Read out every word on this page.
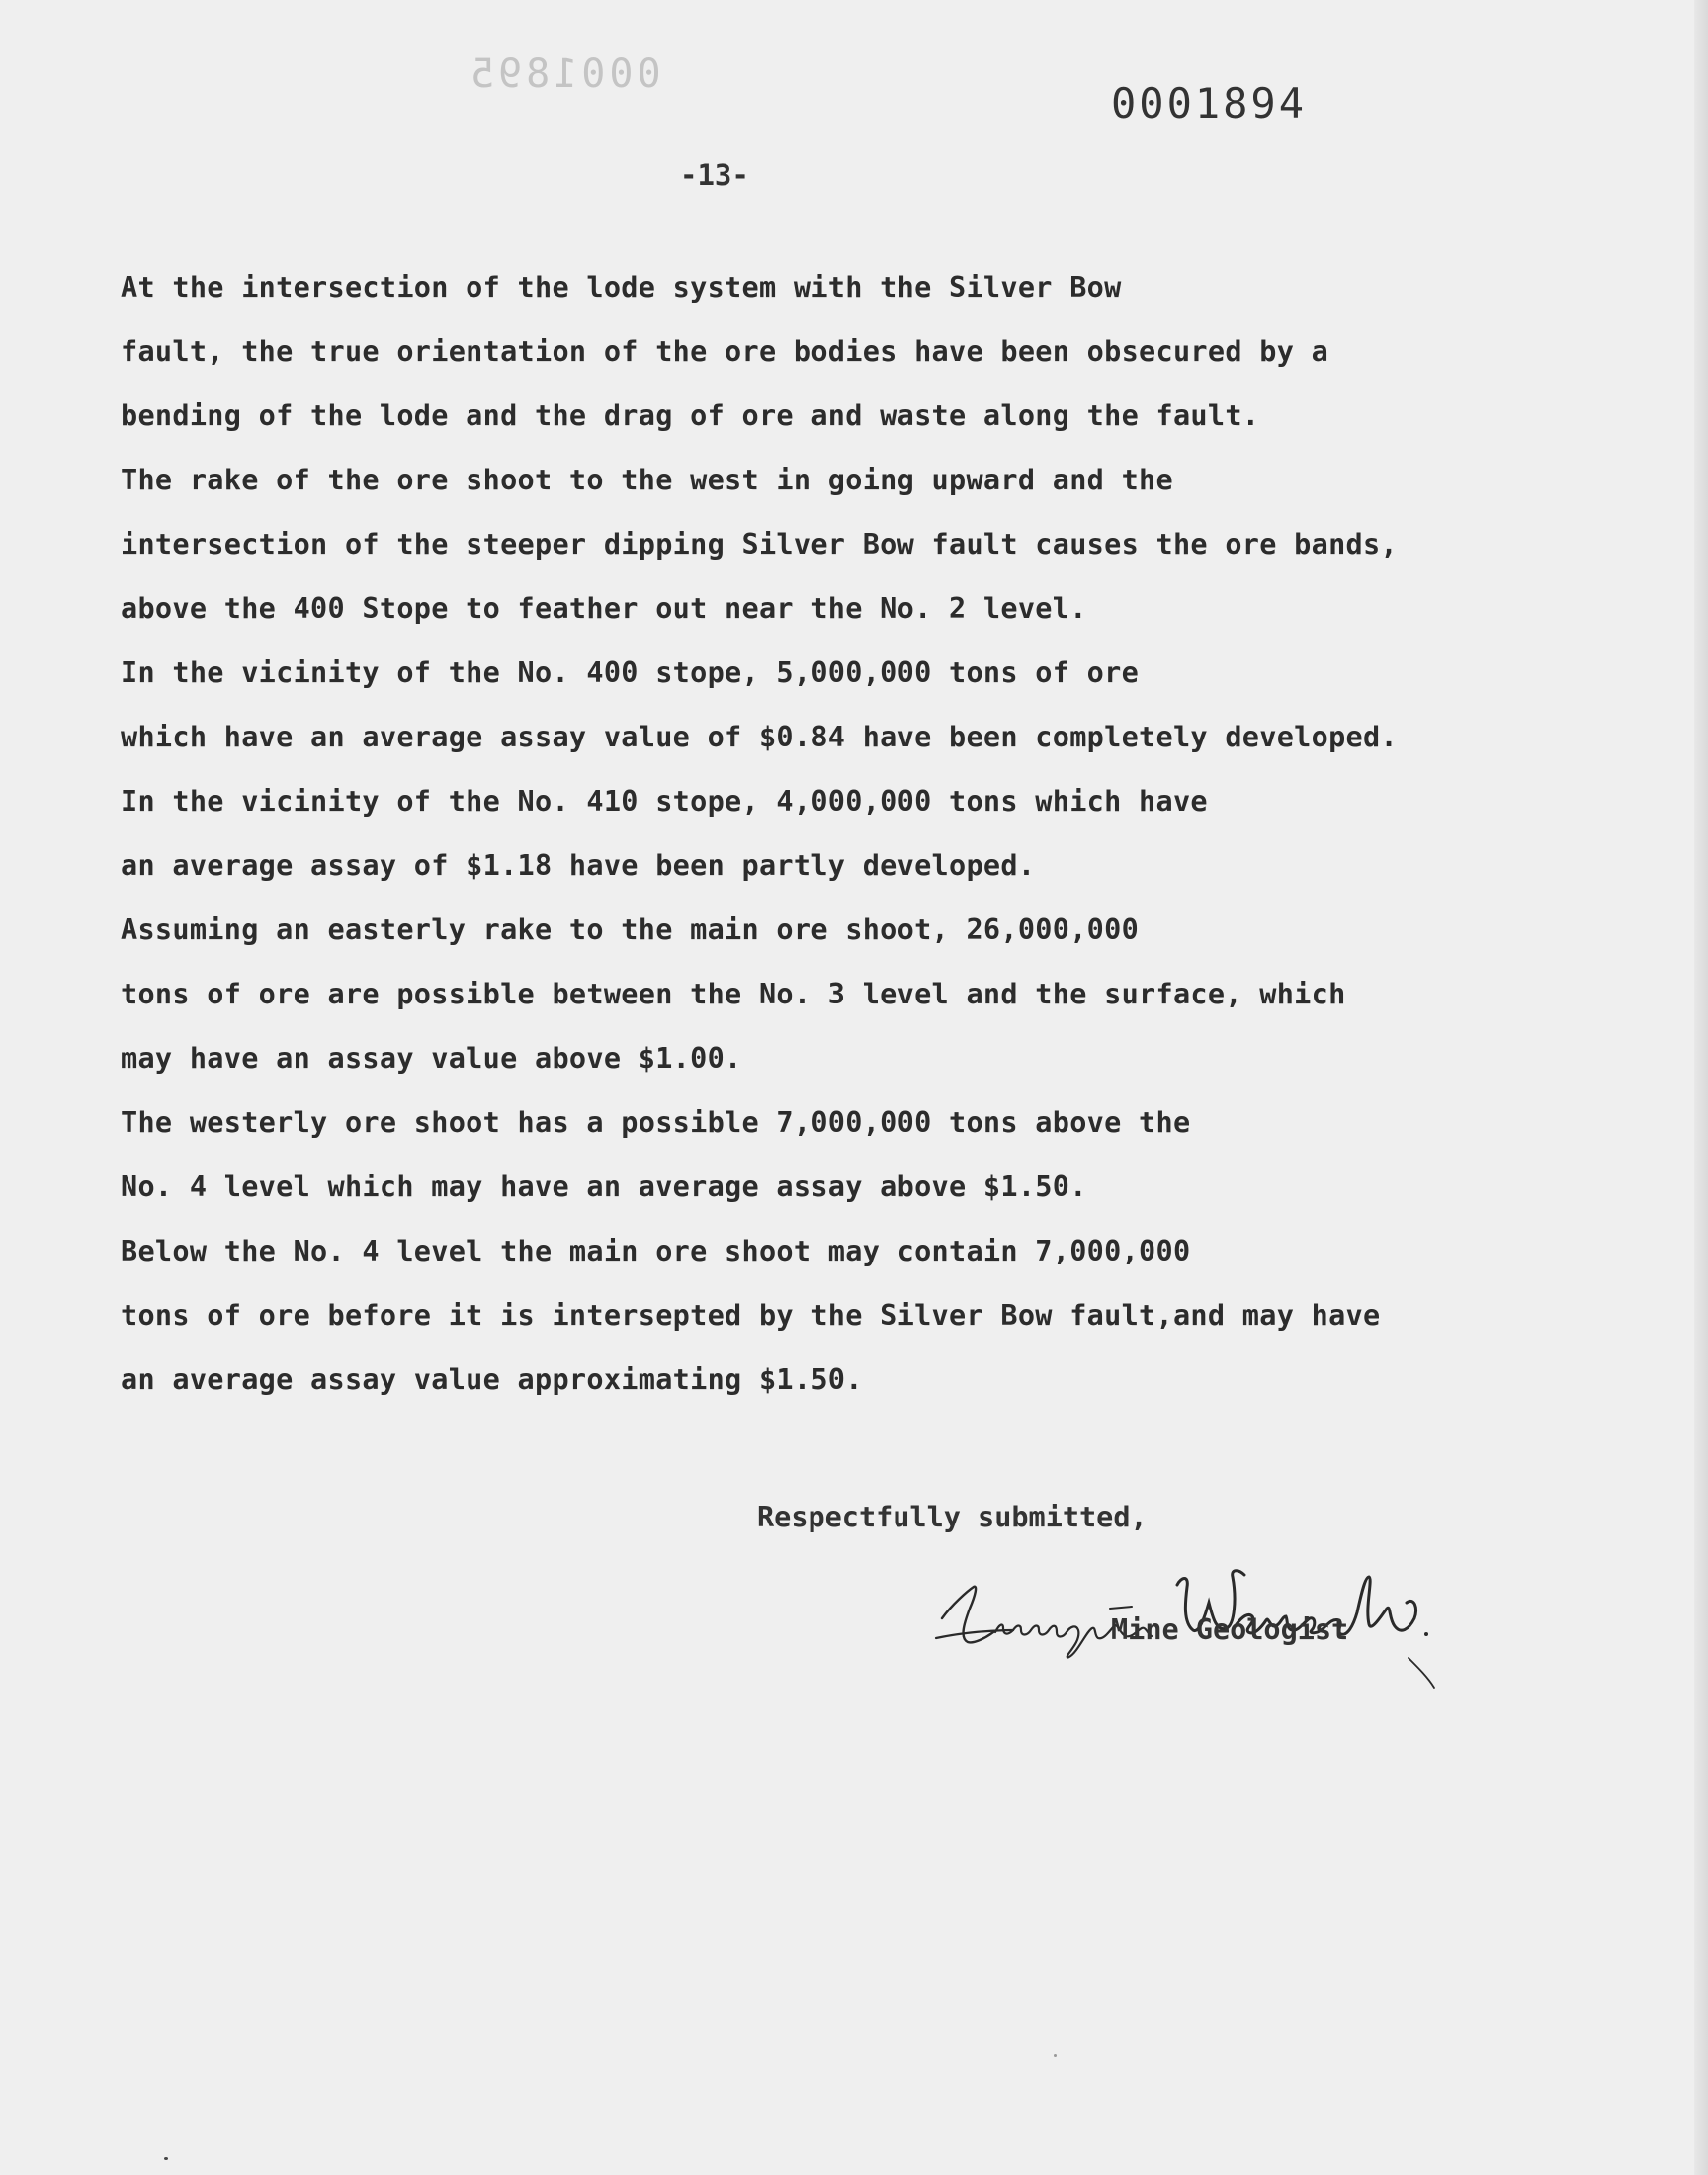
0001895
0001894
-13-

At the intersection of the lode system with the Silver Bow
fault, the true orientation of the ore bodies have been obsecured by a
bending of the lode and the drag of ore and waste along the fault.

The rake of the ore shoot to the west in going upward and the
intersection of the steeper dipping Silver Bow fault causes the ore bands,
above the 400 Stope to feather out near the No. 2 level.

In the vicinity of the No. 400 stope, 5,000,000 tons of ore
which have an average assay value of $0.84 have been completely developed.

In the vicinity of the No. 410 stope, 4,000,000 tons which have
an average assay of $1.18 have been partly developed.

Assuming an easterly rake to the main ore shoot, 26,000,000
tons of ore are possible between the No. 3 level and the surface, which
may have an assay value above $1.00.

The westerly ore shoot has a possible 7,000,000 tons above the
No. 4 level which may have an average assay above $1.50.

Below the No. 4 level the main ore shoot may contain 7,000,000
tons of ore before it is intersepted by the Silver Bow fault,and may have
an average assay value approximating $1.50.

Respectfully submitted,
Mine Geologist
